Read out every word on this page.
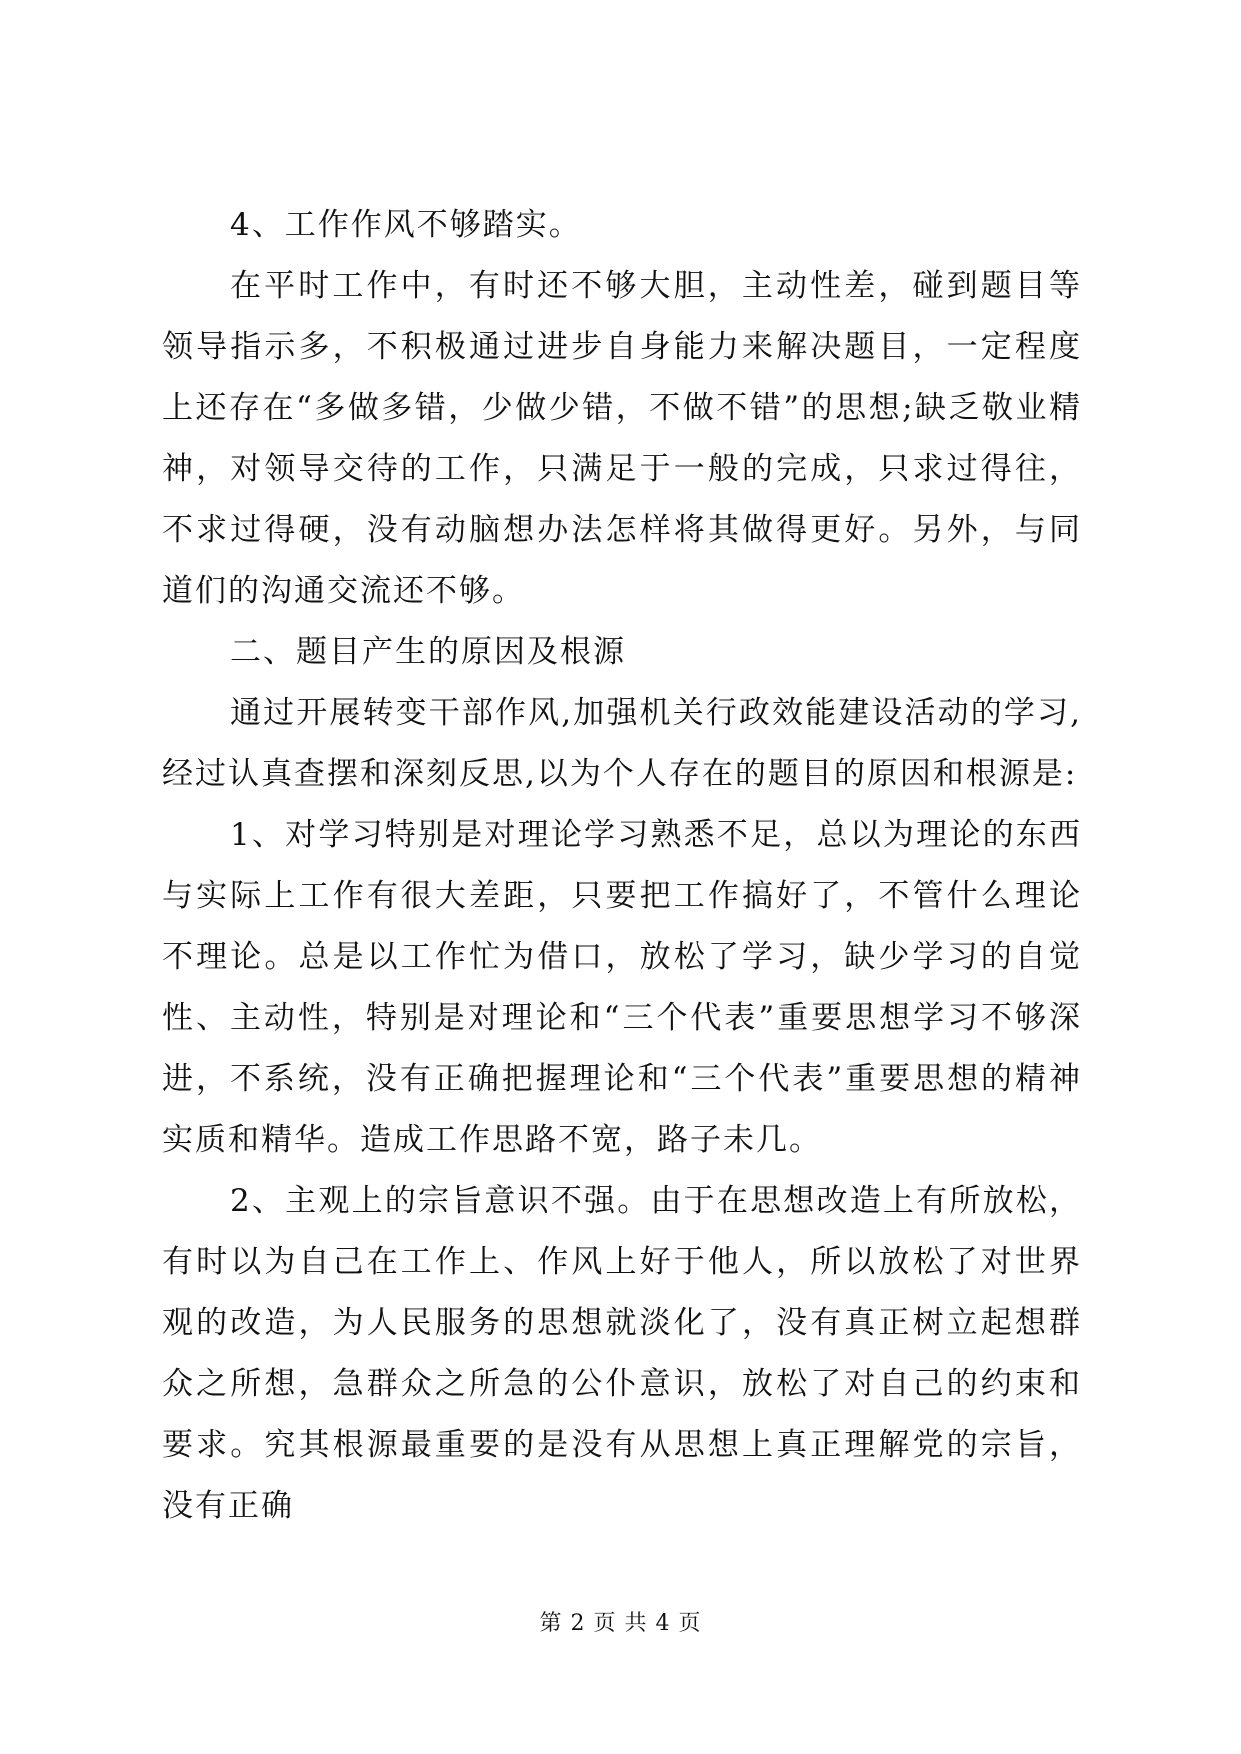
4、工作作风不够踏实。

在平时工作中，有时还不够大胆，主动性差，碰到题目等领导指示多，不积极通过进步自身能力来解决题目，一定程度上还存在“多做多错，少做少错，不做不错”的思想;缺乏敬业精神，对领导交待的工作，只满足于一般的完成，只求过得往，不求过得硬，没有动脑想办法怎样将其做得更好。另外，与同道们的沟通交流还不够。

二、题目产生的原因及根源

通过开展转变干部作风,加强机关行政效能建设活动的学习,经过认真查摆和深刻反思,以为个人存在的题目的原因和根源是:

1、对学习特别是对理论学习熟悉不足，总以为理论的东西与实际上工作有很大差距，只要把工作搞好了，不管什么理论不理论。总是以工作忙为借口，放松了学习，缺少学习的自觉性、主动性，特别是对理论和“三个代表”重要思想学习不够深进，不系统，没有正确把握理论和“三个代表”重要思想的精神实质和精华。造成工作思路不宽，路子未几。

2、主观上的宗旨意识不强。由于在思想改造上有所放松，有时以为自己在工作上、作风上好于他人，所以放松了对世界观的改造，为人民服务的思想就淡化了，没有真正树立起想群众之所想，急群众之所急的公仆意识，放松了对自己的约束和要求。究其根源最重要的是没有从思想上真正理解党的宗旨，没有正确

第 2 页 共 4 页
